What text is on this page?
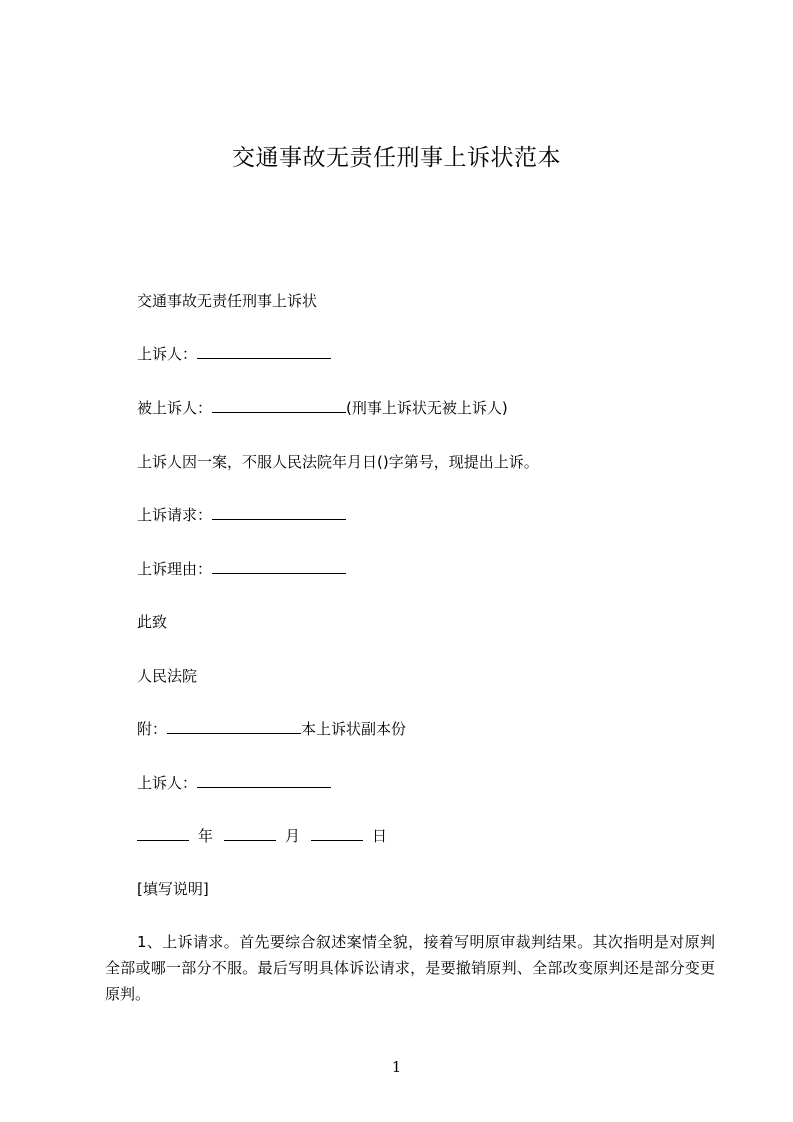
交通事故无责任刑事上诉状范本
交通事故无责任刑事上诉状
上诉人：
被上诉人：	(刑事上诉状无被上诉人)
上诉人因一案，不服人民法院年月日()字第号，现提出上诉。
上诉请求：
上诉理由：
此致
人民法院
附：	本上诉状副本份
上诉人：
年	月	日
[填写说明]
1、上诉请求。首先要综合叙述案情全貌，接着写明原审裁判结果。其次指明是对原判全部或哪一部分不服。最后写明具体诉讼请求，是要撤销原判、全部改变原判还是部分变更原判。
1
